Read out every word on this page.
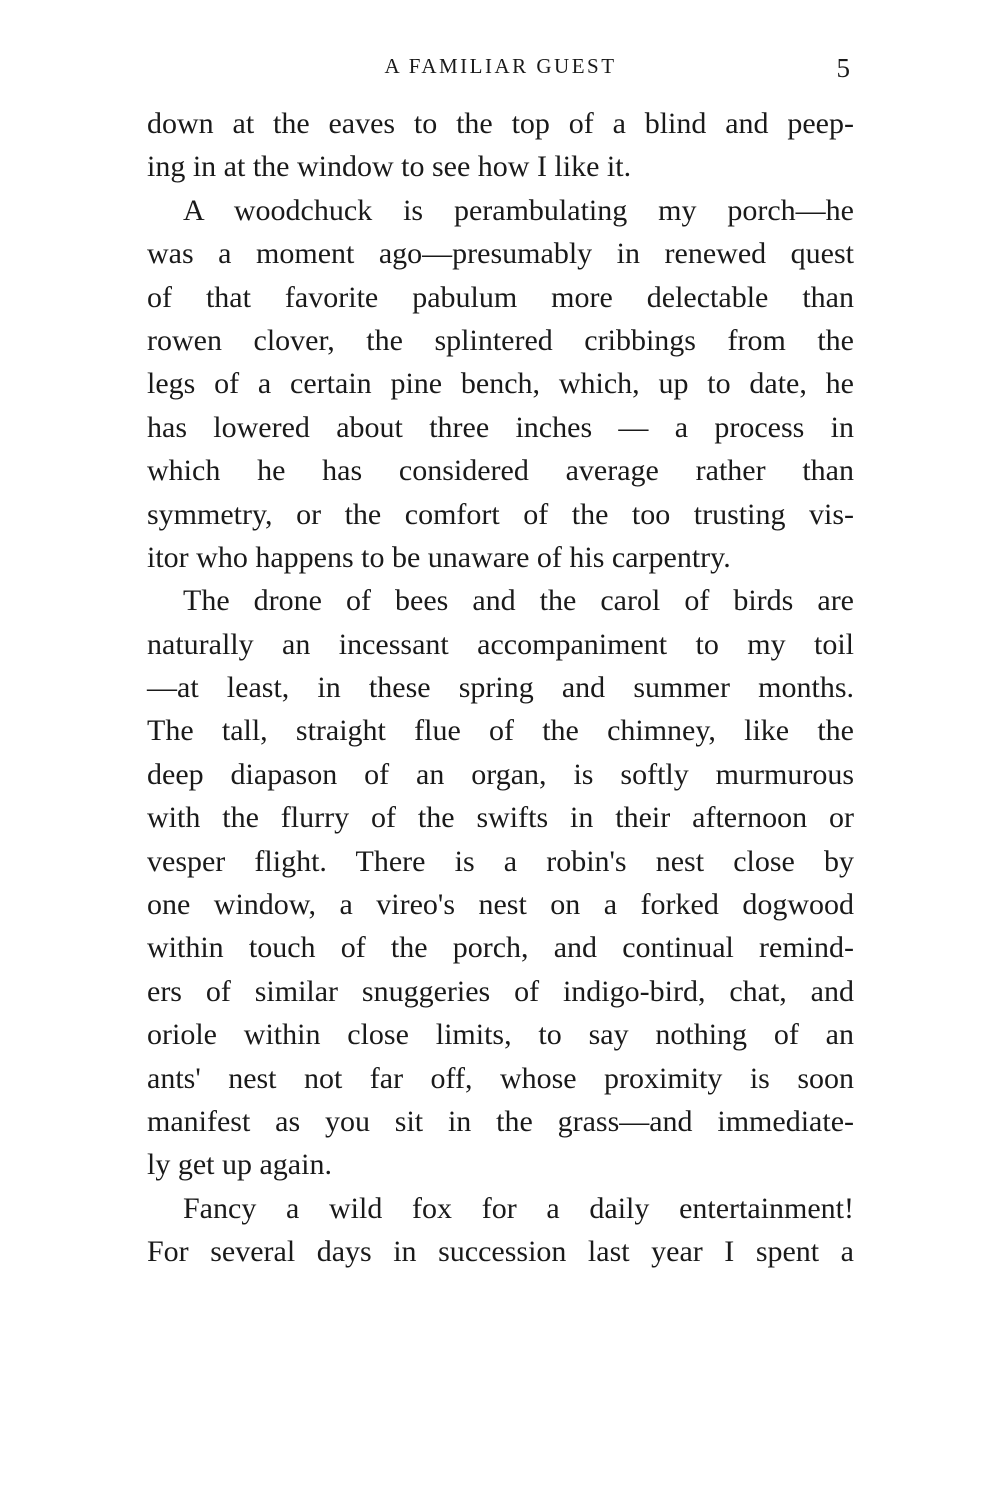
A FAMILIAR GUEST	5

down at the eaves to the top of a blind and peep-
ing in at the window to see how I like it.

A woodchuck is perambulating my porch—he
was a moment ago—presumably in renewed quest
of that favorite pabulum more delectable than
rowen clover, the splintered cribbings from the
legs of a certain pine bench, which, up to date, he
has lowered about three inches — a process in
which he has considered average rather than
symmetry, or the comfort of the too trusting vis-
itor who happens to be unaware of his carpentry.

The drone of bees and the carol of birds are
naturally an incessant accompaniment to my toil
—at least, in these spring and summer months.
The tall, straight flue of the chimney, like the
deep diapason of an organ, is softly murmurous
with the flurry of the swifts in their afternoon or
vesper flight. There is a robin's nest close by
one window, a vireo's nest on a forked dogwood
within touch of the porch, and continual remind-
ers of similar snuggeries of indigo-bird, chat, and
oriole within close limits, to say nothing of an
ants' nest not far off, whose proximity is soon
manifest as you sit in the grass—and immediate-
ly get up again.

Fancy a wild fox for a daily entertainment!
For several days in succession last year I spent a
